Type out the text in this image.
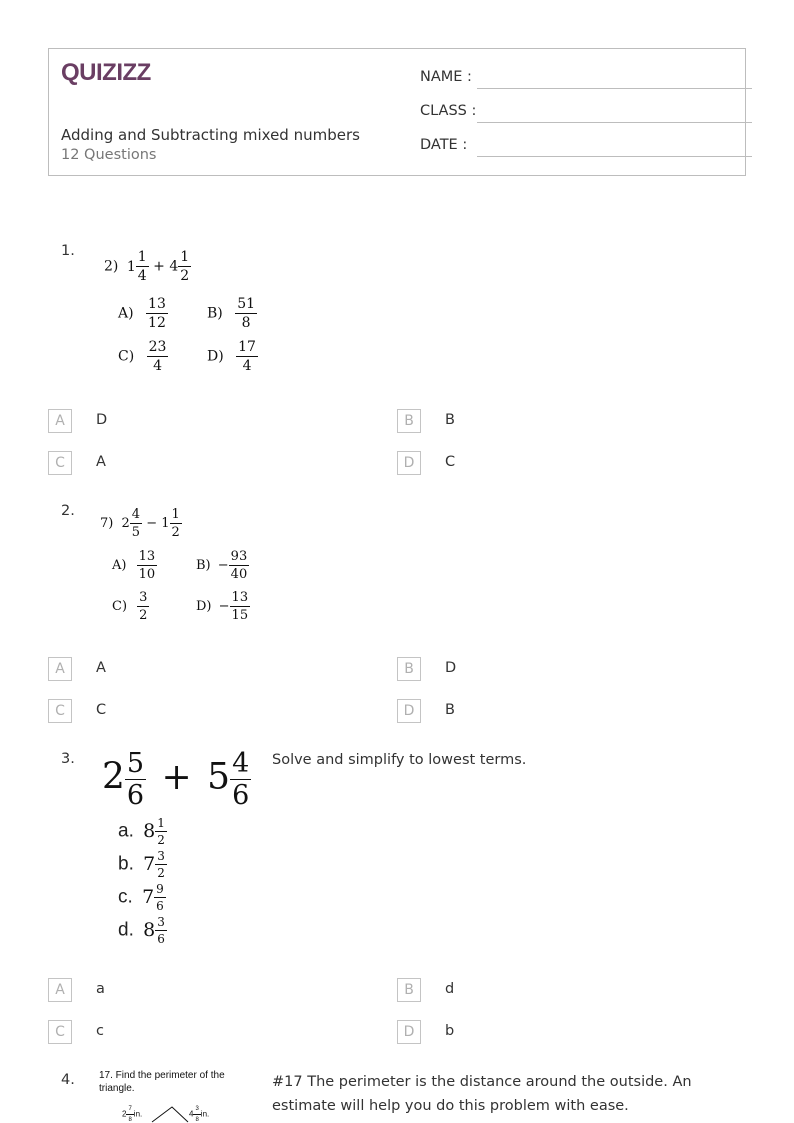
QUIZIZZ
Adding and Subtracting mixed numbers
12 Questions
NAME :
CLASS :
DATE :
1.
2) $1 \frac{1}{4} + 4 \frac{1}{2}$
$A) \frac{13}{12}$	$B) \frac{51}{8}$
$C) \frac{23}{4}$	$D) \frac{17}{4}$
A	D	B	B
C	A	D	C
2.
7) $2 \frac{4}{5} - 1 \frac{1}{2}$
$A) \frac{13}{10}$	$B) - \frac{93}{40}$
$C) \frac{3}{2}$	$D) - \frac{13}{15}$
A	A	B	D
C	C	D	B
3. $2 \frac{5}{6} + 5 \frac{4}{6}$ Solve and simplify to lowest terms.
a. $8 \frac{1}{2}$
b. $7 \frac{3}{2}$
c. $7 \frac{9}{6}$
d. $8 \frac{3}{6}$
A	a	B	d
C	c	D	b
4. 17. Find the perimeter of the triangle.
$2 \frac{7}{8}$ in.	$4 \frac{3}{8}$ in.
#17 The perimeter is the distance around the outside. An
estimate will help you do this problem with ease.
